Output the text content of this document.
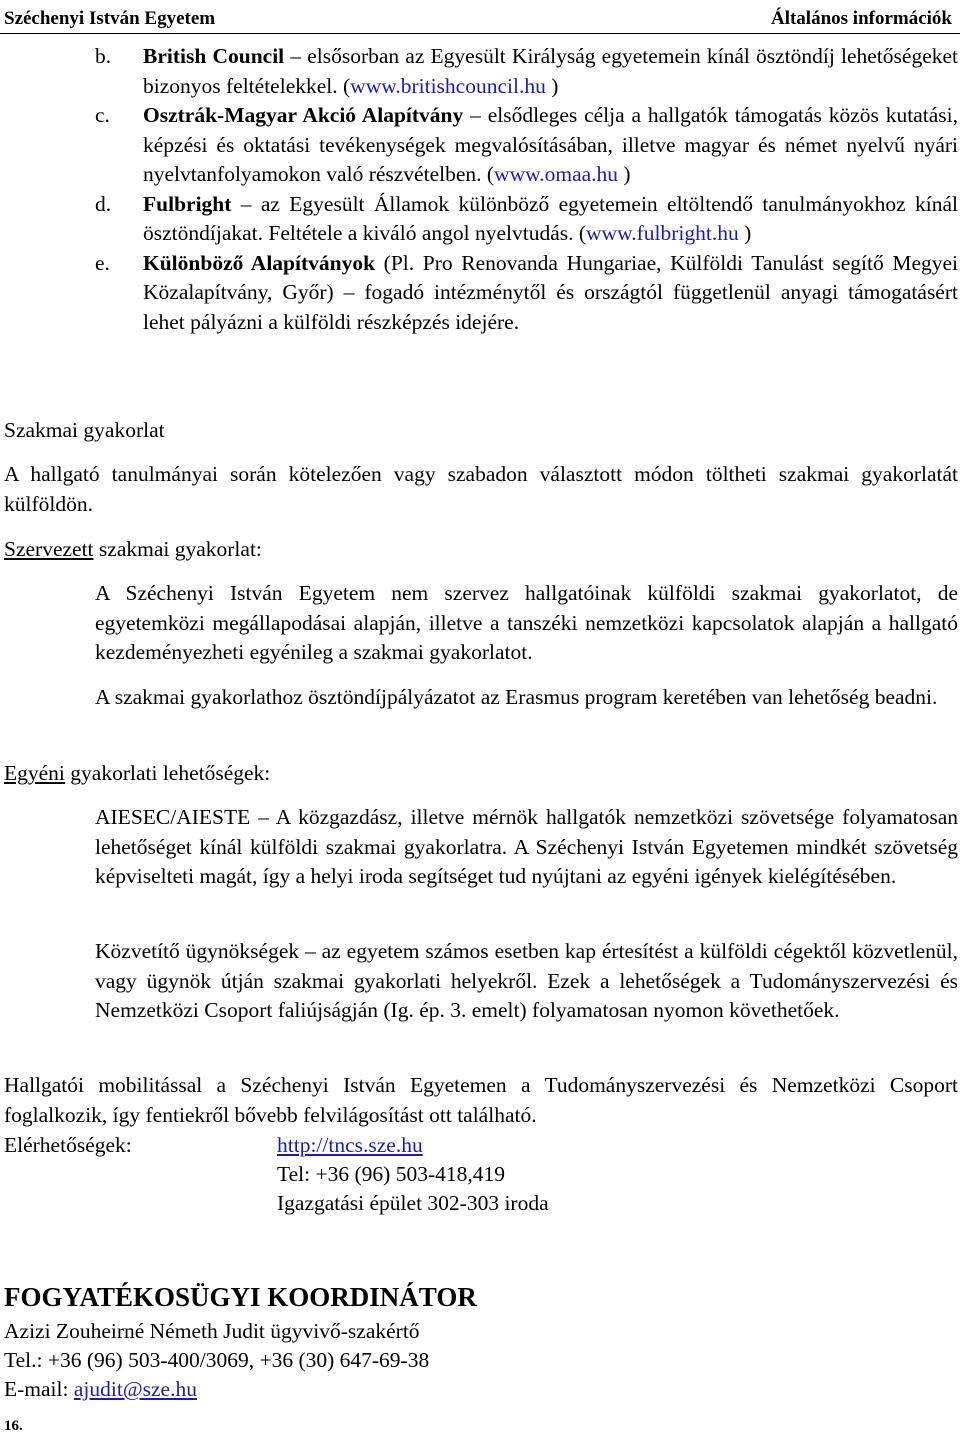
Széchenyi István Egyetem	Általános információk
b. British Council – elsősorban az Egyesült Királyság egyetemein kínál ösztöndíj lehetőségeket bizonyos feltételekkel. (www.britishcouncil.hu )
c. Osztrák-Magyar Akció Alapítvány – elsődleges célja a hallgatók támogatás közös kutatási, képzési és oktatási tevékenységek megvalósításában, illetve magyar és német nyelvű nyári nyelvtanfolyamokon való részvételben. (www.omaa.hu )
d. Fulbright – az Egyesült Államok különböző egyetemein eltöltendő tanulmányokhoz kínál ösztöndíjakat. Feltétele a kiváló angol nyelvtudás. (www.fulbright.hu )
e. Különböző Alapítványok (Pl. Pro Renovanda Hungariae, Külföldi Tanulást segítő Megyei Közalapítvány, Győr) – fogadó intézménytől és országtól függetlenül anyagi támogatásért lehet pályázni a külföldi részképzés idejére.
Szakmai gyakorlat
A hallgató tanulmányai során kötelezően vagy szabadon választott módon töltheti szakmai gyakorlatát külföldön.
Szervezett szakmai gyakorlat:
A Széchenyi István Egyetem nem szervez hallgatóinak külföldi szakmai gyakorlatot, de egyetemközi megállapodásai alapján, illetve a tanszéki nemzetközi kapcsolatok alapján a hallgató kezdeményezheti egyénileg a szakmai gyakorlatot.
A szakmai gyakorlathoz ösztöndíjpályázatot az Erasmus program keretében van lehetőség beadni.
Egyéni gyakorlati lehetőségek:
AIESEC/AIESTE – A közgazdász, illetve mérnök hallgatók nemzetközi szövetsége folyamatosan lehetőséget kínál külföldi szakmai gyakorlatra. A Széchenyi István Egyetemen mindkét szövetség képviselteti magát, így a helyi iroda segítséget tud nyújtani az egyéni igények kielégítésében.
Közvetítő ügynökségek – az egyetem számos esetben kap értesítést a külföldi cégektől közvetlenül, vagy ügynök útján szakmai gyakorlati helyekről. Ezek a lehetőségek a Tudományszervezési és Nemzetközi Csoport faliújságján (Ig. ép. 3. emelt) folyamatosan nyomon követhetőek.
Hallgatói mobilitással a Széchenyi István Egyetemen a Tudományszervezési és Nemzetközi Csoport foglalkozik, így fentiekről bővebb felvilágosítást ott található.
Elérhetőségek:	http://tncs.sze.hu
Tel: +36 (96) 503-418,419
Igazgatási épület 302-303 iroda
FOGYATÉKOSÜGYI KOORDINÁTOR
Azizi Zouheirné Németh Judit ügyvivő-szakértő
Tel.: +36 (96) 503-400/3069, +36 (30) 647-69-38
E-mail: ajudit@sze.hu
16.
